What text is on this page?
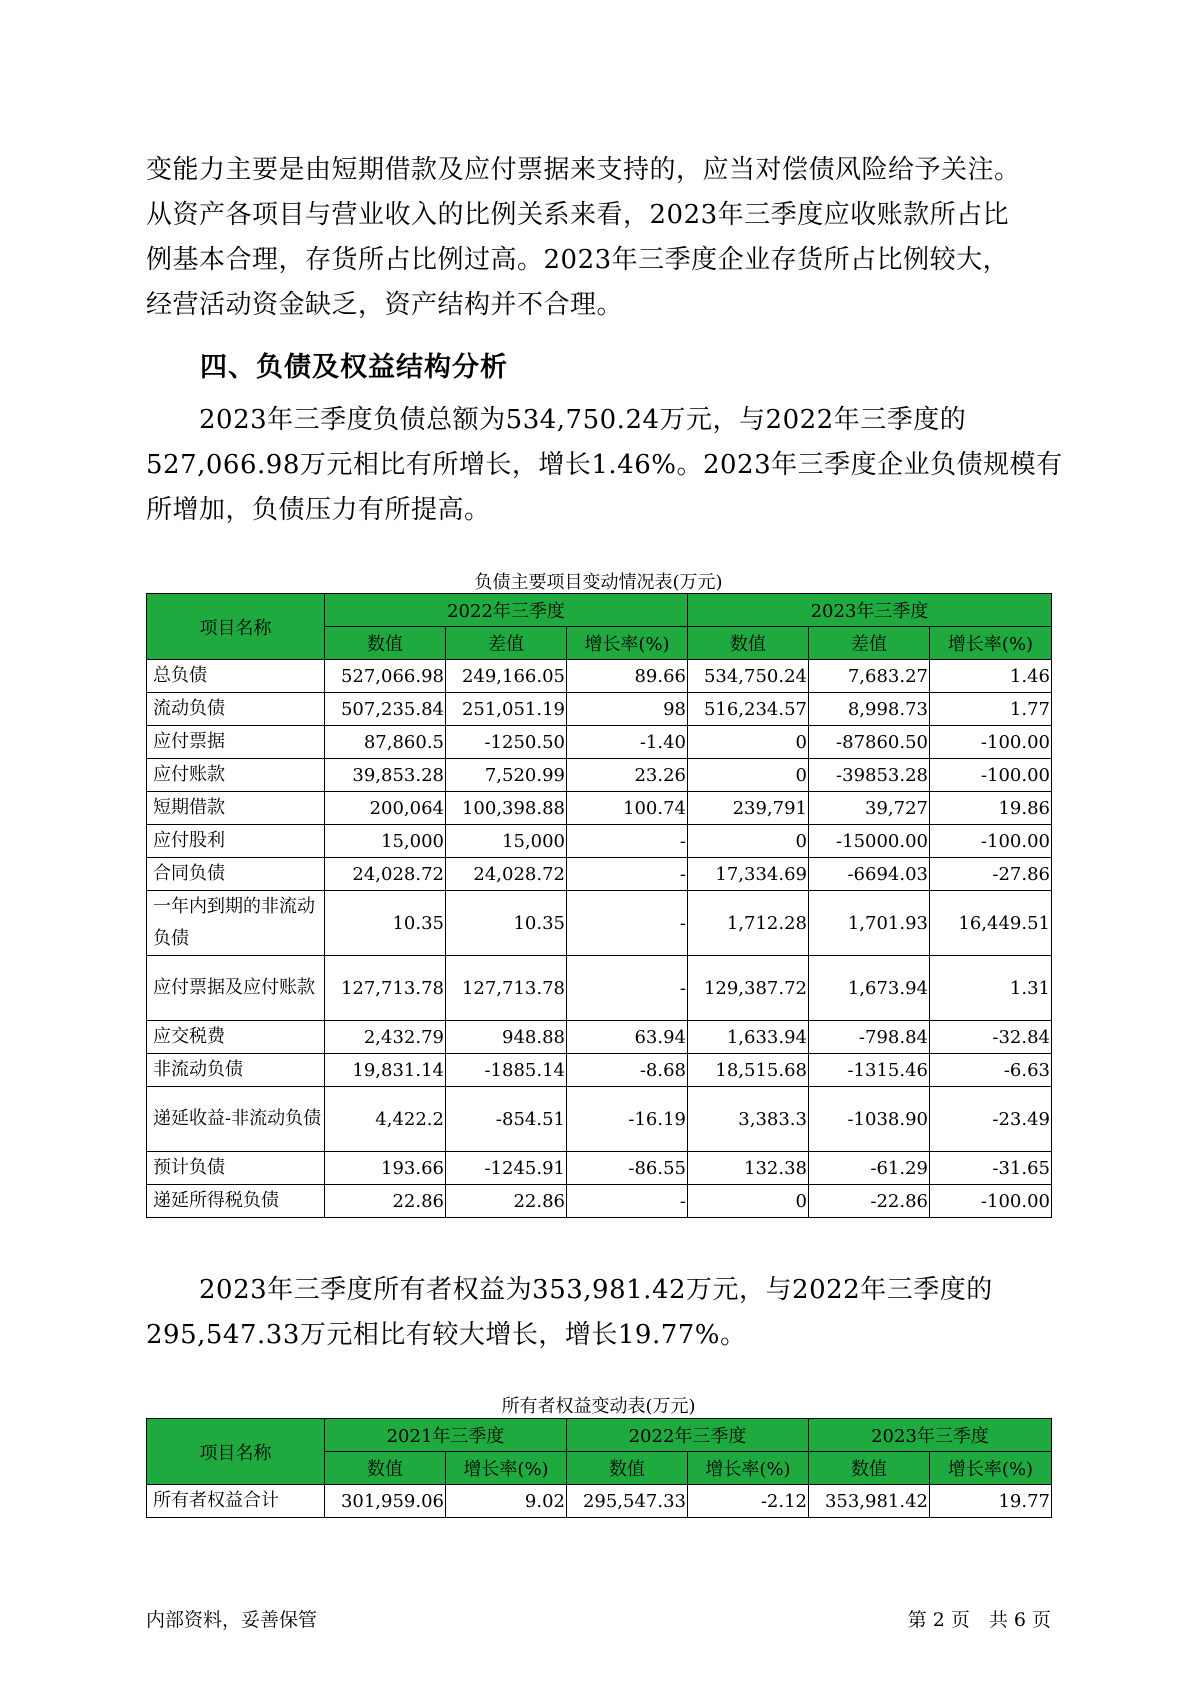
变能力主要是由短期借款及应付票据来支持的，应当对偿债风险给予关注。
从资产各项目与营业收入的比例关系来看，2023年三季度应收账款所占比
例基本合理，存货所占比例过高。2023年三季度企业存货所占比例较大，
经营活动资金缺乏，资产结构并不合理。

四、负债及权益结构分析

　　2023年三季度负债总额为534,750.24万元，与2022年三季度的
527,066.98万元相比有所增长，增长1.46%。2023年三季度企业负债规模有
所增加，负债压力有所提高。

负债主要项目变动情况表(万元)

项目名称	2022年三季度			2023年三季度		
	数值	差值	增长率(%)	数值	差值	增长率(%)
总负债	527,066.98	249,166.05	89.66	534,750.24	7,683.27	1.46
流动负债	507,235.84	251,051.19	98	516,234.57	8,998.73	1.77
应付票据	87,860.5	-1250.50	-1.40	0	-87860.50	-100.00
应付账款	39,853.28	7,520.99	23.26	0	-39853.28	-100.00
短期借款	200,064	100,398.88	100.74	239,791	39,727	19.86
应付股利	15,000	15,000	-	0	-15000.00	-100.00
合同负债	24,028.72	24,028.72	-	17,334.69	-6694.03	-27.86
一年内到期的非流动负债	10.35	10.35	-	1,712.28	1,701.93	16,449.51
应付票据及应付账款	127,713.78	127,713.78	-	129,387.72	1,673.94	1.31
应交税费	2,432.79	948.88	63.94	1,633.94	-798.84	-32.84
非流动负债	19,831.14	-1885.14	-8.68	18,515.68	-1315.46	-6.63
递延收益-非流动负债	4,422.2	-854.51	-16.19	3,383.3	-1038.90	-23.49
预计负债	193.66	-1245.91	-86.55	132.38	-61.29	-31.65
递延所得税负债	22.86	22.86	-	0	-22.86	-100.00

　　2023年三季度所有者权益为353,981.42万元，与2022年三季度的
295,547.33万元相比有较大增长，增长19.77%。

所有者权益变动表(万元)

项目名称	2021年三季度		2022年三季度		2023年三季度	
	数值	增长率(%)	数值	增长率(%)	数值	增长率(%)
所有者权益合计	301,959.06	9.02	295,547.33	-2.12	353,981.42	19.77

内部资料，妥善保管	第 2 页　共 6 页
